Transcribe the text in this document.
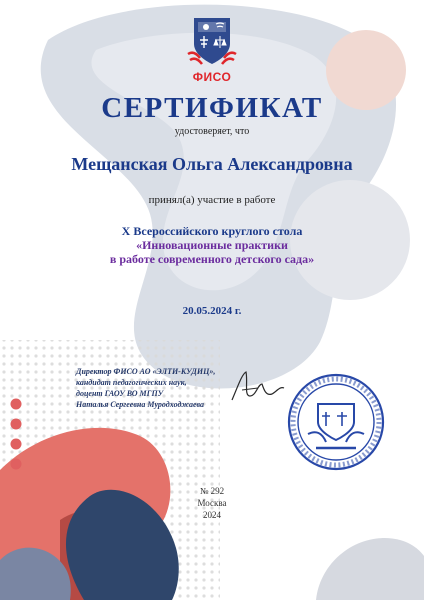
ФИСО
СЕРТИФИКАТ
удостоверяет, что
Мещанская Ольга Александровна
принял(а) участие в работе
X Всероссийского круглого стола
«Инновационные практики
в работе современного детского сада»
20.05.2024 г.
Директор ФИСО АО «ЭЛТИ-КУДИЦ»,
кандидат педагогических наук,
доцент ГАОУ ВО МГПУ
Наталья Сергеевна Муродходжаева
№ 292
Москва
2024
